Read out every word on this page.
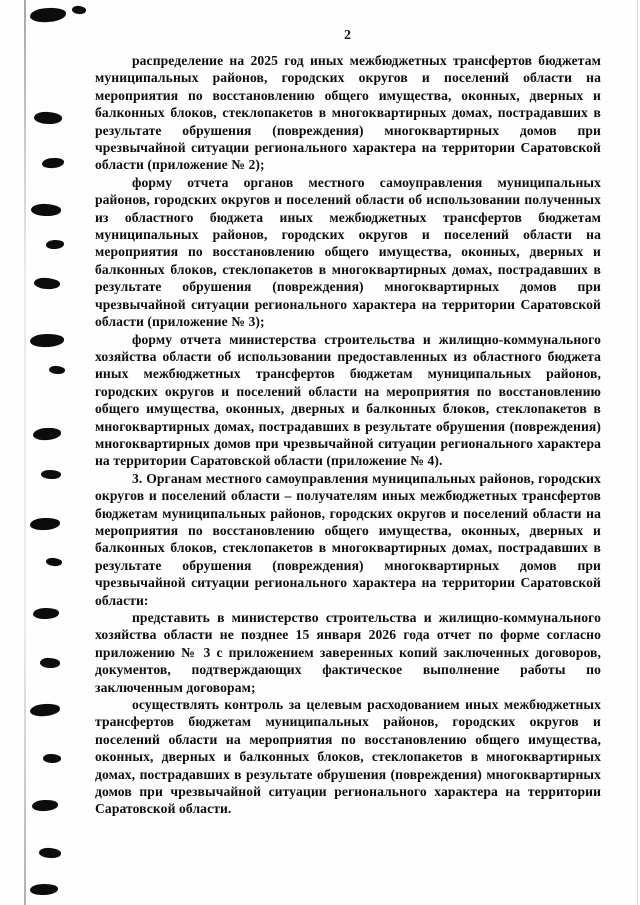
2

распределение на 2025 год иных межбюджетных трансфертов бюджетам муниципальных районов, городских округов и поселений области на мероприятия по восстановлению общего имущества, оконных, дверных и балконных блоков, стеклопакетов в многоквартирных домах, пострадавших в результате обрушения (повреждения) многоквартирных домов при чрезвычайной ситуации регионального характера на территории Саратовской области (приложение № 2);

форму отчета органов местного самоуправления муниципальных районов, городских округов и поселений области об использовании полученных из областного бюджета иных межбюджетных трансфертов бюджетам муниципальных районов, городских округов и поселений области на мероприятия по восстановлению общего имущества, оконных, дверных и балконных блоков, стеклопакетов в многоквартирных домах, пострадавших в результате обрушения (повреждения) многоквартирных домов при чрезвычайной ситуации регионального характера на территории Саратовской области (приложение № 3);

форму отчета министерства строительства и жилищно-коммунального хозяйства области об использовании предоставленных из областного бюджета иных межбюджетных трансфертов бюджетам муниципальных районов, городских округов и поселений области на мероприятия по восстановлению общего имущества, оконных, дверных и балконных блоков, стеклопакетов в многоквартирных домах, пострадавших в результате обрушения (повреждения) многоквартирных домов при чрезвычайной ситуации регионального характера на территории Саратовской области (приложение № 4).

3. Органам местного самоуправления муниципальных районов, городских округов и поселений области – получателям иных межбюджетных трансфертов бюджетам муниципальных районов, городских округов и поселений области на мероприятия по восстановлению общего имущества, оконных, дверных и балконных блоков, стеклопакетов в многоквартирных домах, пострадавших в результате обрушения (повреждения) многоквартирных домов при чрезвычайной ситуации регионального характера на территории Саратовской области:

представить в министерство строительства и жилищно-коммунального хозяйства области не позднее 15 января 2026 года отчет по форме согласно приложению № 3 с приложением заверенных копий заключенных договоров, документов, подтверждающих фактическое выполнение работы по заключенным договорам;

осуществлять контроль за целевым расходованием иных межбюджетных трансфертов бюджетам муниципальных районов, городских округов и поселений области на мероприятия по восстановлению общего имущества, оконных, дверных и балконных блоков, стеклопакетов в многоквартирных домах, пострадавших в результате обрушения (повреждения) многоквартирных домов при чрезвычайной ситуации регионального характера на территории Саратовской области.
